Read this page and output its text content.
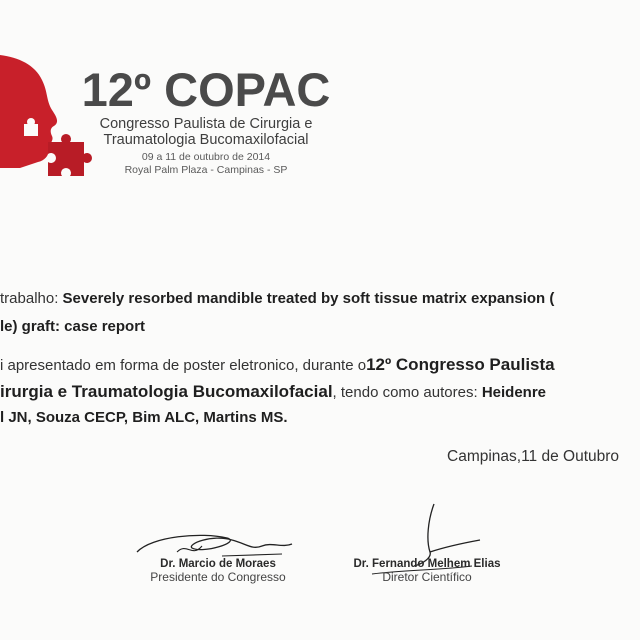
12º COPAC
Congresso Paulista de Cirurgia e
Traumatologia Bucomaxilofacial
09 a 11 de outubro de 2014
Royal Palm Plaza - Campinas - SP
trabalho: Severely resorbed mandible treated by soft tissue matrix expansion (
le) graft: case report
i apresentado em forma de poster eletronico, durante o12º Congresso Paulista
irurgia e Traumatologia Bucomaxilofacial, tendo como autores: Heidenre
l JN, Souza CECP, Bim ALC, Martins MS.
Campinas,11 de Outubro
Dr. Marcio de Moraes
Presidente do Congresso
Dr. Fernando Melhem Elias
Diretor Científico
